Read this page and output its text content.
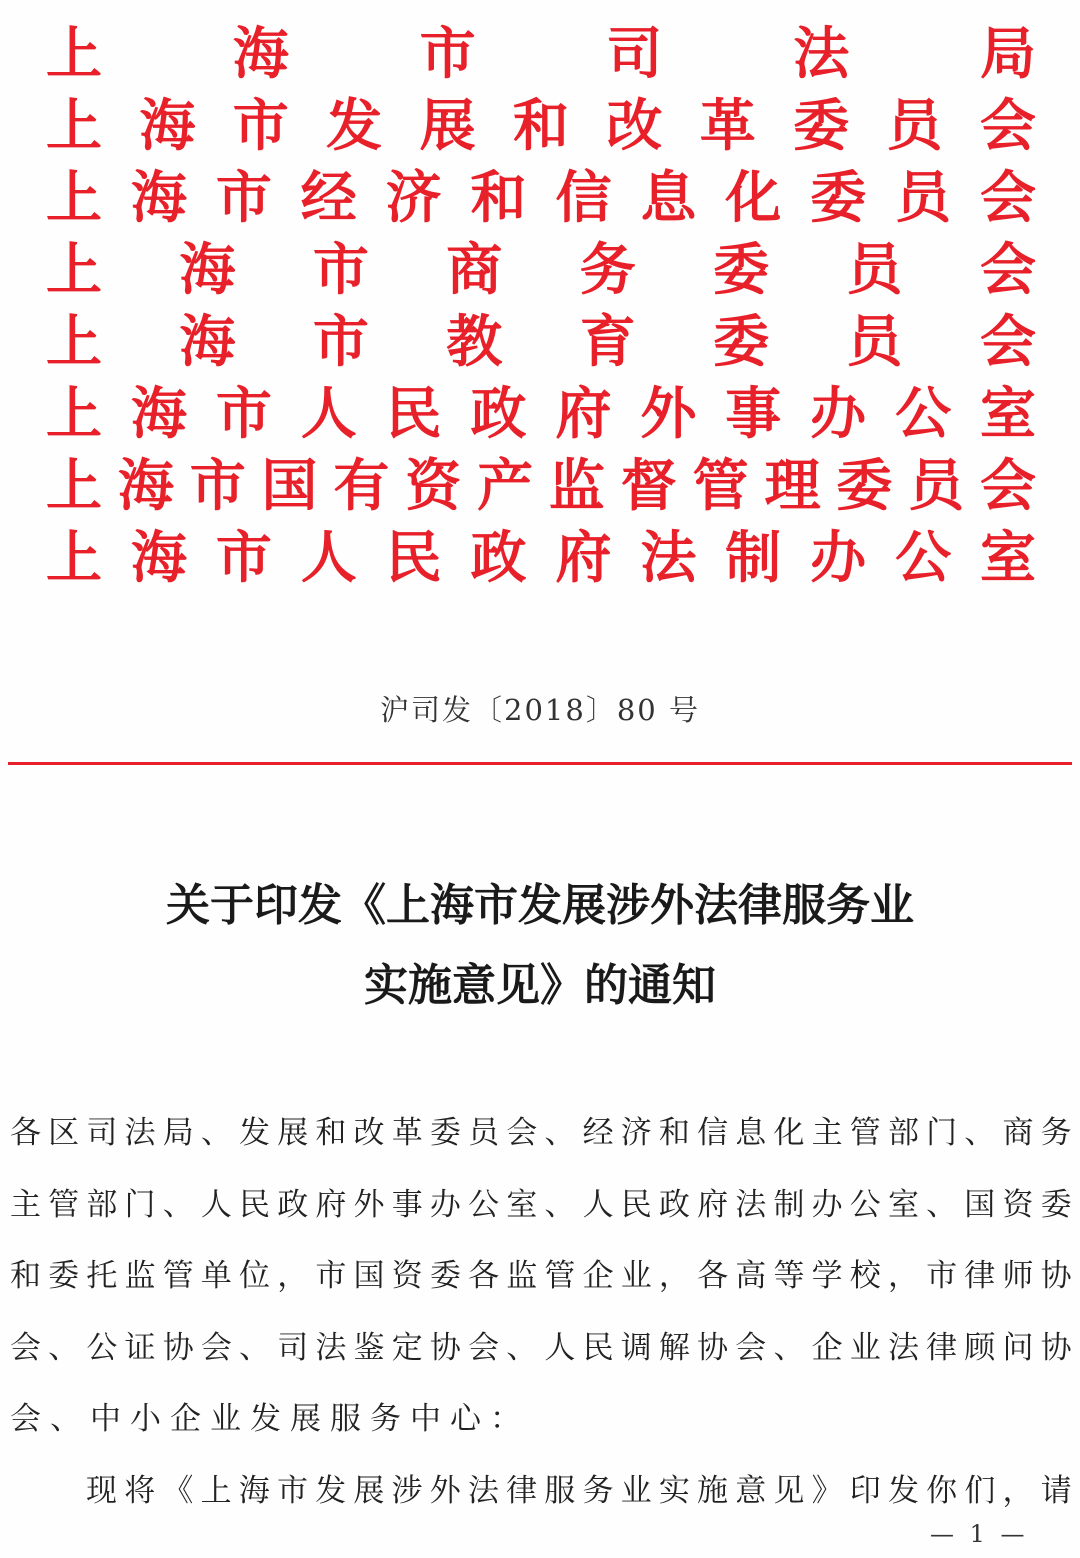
上 海 市 司 法 局
上 海 市 发 展 和 改 革 委 员 会
上 海 市 经 济 和 信 息 化 委 员 会
上 海 市 商 务 委 员 会
上 海 市 教 育 委 员 会
上 海 市 人 民 政 府 外 事 办 公 室
上 海 市 国 有 资 产 监 督 管 理 委 员 会
上 海 市 人 民 政 府 法 制 办 公 室
沪司发〔2018〕80 号
关于印发《上海市发展涉外法律服务业
实施意见》的通知
各 区 司 法 局 、 发 展 和 改 革 委 员 会 、 经 济 和 信 息 化 主 管 部 门 、 商 务
主 管 部 门 、 人 民 政 府 外 事 办 公 室 、 人 民 政 府 法 制 办 公 室 、 国 资 委
和 委 托 监 管 单 位 ， 市 国 资 委 各 监 管 企 业 ， 各 高 等 学 校 ， 市 律 师 协
会 、 公 证 协 会 、 司 法 鉴 定 协 会 、 人 民 调 解 协 会 、 企 业 法 律 顾 问 协
会 、 中 小 企 业 发 展 服 务 中 心 ：
现 将 《 上 海 市 发 展 涉 外 法 律 服 务 业 实 施 意 见 》 印 发 你 们 ， 请
— 1 —
